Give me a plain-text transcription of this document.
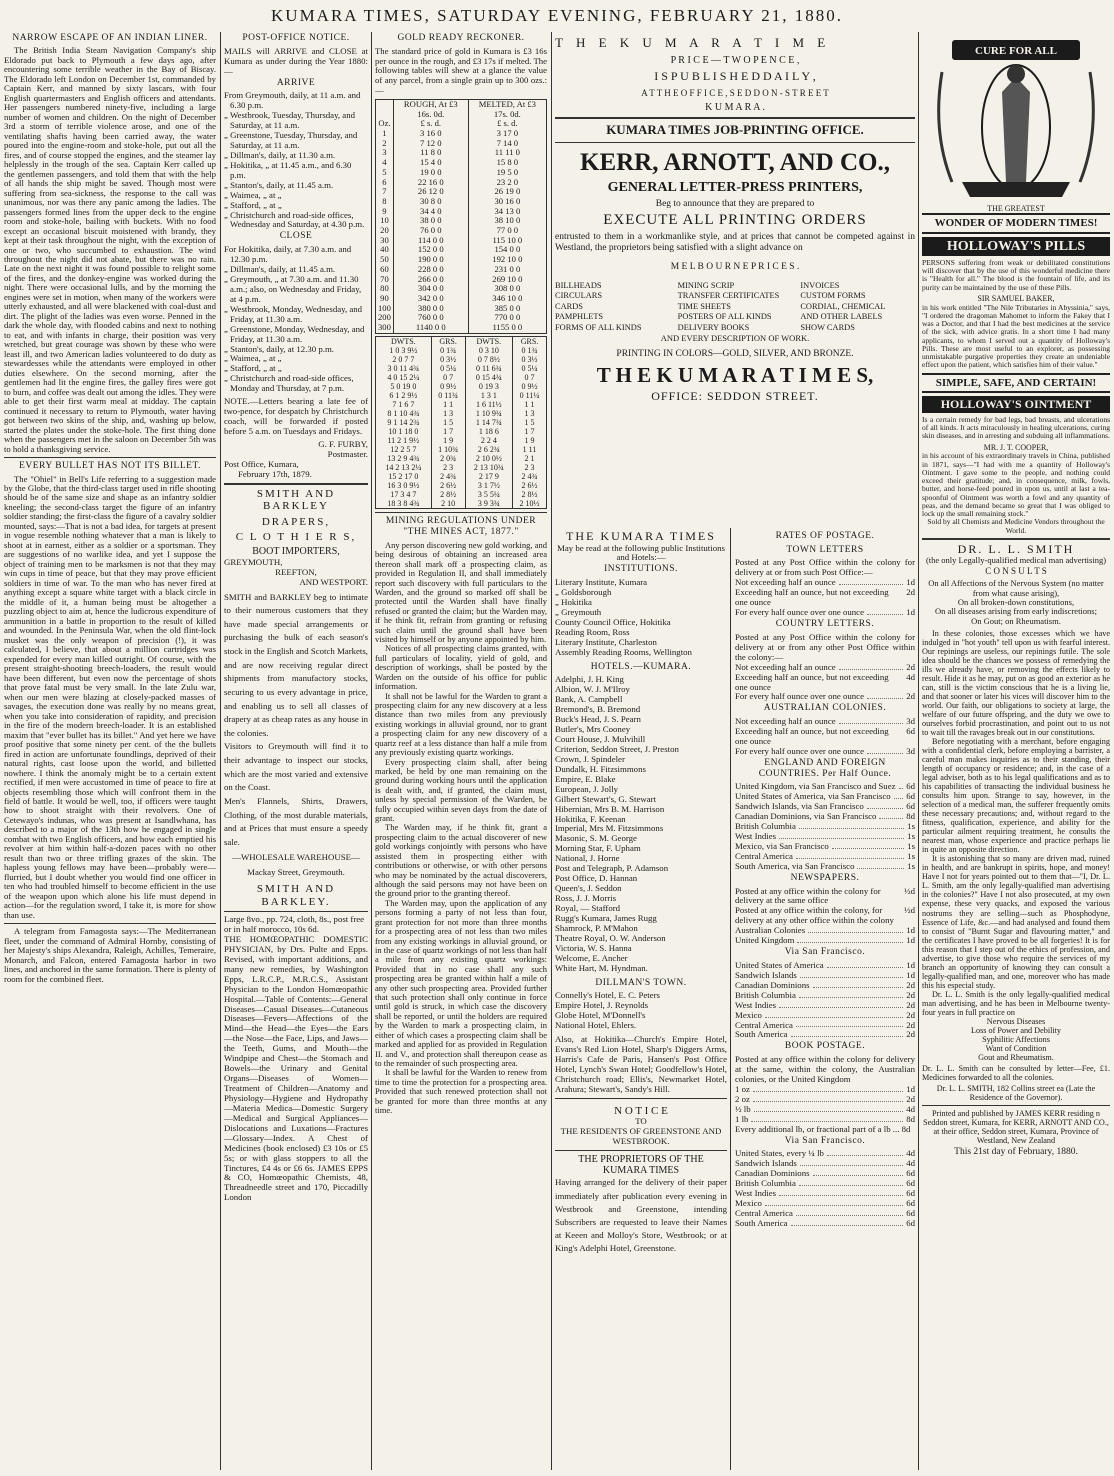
KUMARA TIMES, SATURDAY EVENING, FEBRUARY 21, 1880.
NARROW ESCAPE OF AN INDIAN LINER.

The British India Steam Navigation Company's ship Eldorado put back to Plymouth a few days ago, after encountering some terrible weather in the Bay of Biscay. The Eldorado left London on December 1st, commanded by Captain Kerr, and manned by sixty lascars, with four English quartermasters and English officers and attendants. Her passengers numbered ninety-five, including a large number of women and children. On the night of December 3rd a storm of terrible violence arose, and one of the ventilating shafts having been carried away, the water poured into the engine-room and stoke-hole, put out all the fires, and of course stopped the engines, and the steamer lay helplessly in the trough of the sea. Captain Kerr called up the gentlemen passengers, and told them that with the help of all hands the ship might be saved. Though most were suffering from sea-sickness, the response to the call was unanimous, nor was there any panic among the ladies. The passengers formed lines from the upper deck to the engine room and stoke-hole, bailing with buckets. With no food except an occasional biscuit moistened with brandy, they kept at their task throughout the night, with the exception of one or two, who succumbed to exhaustion. The wind throughout the night did not abate, but there was no rain. Late on the next night it was found possible to relight some of the fires, and the donkey-engine was worked during the night. There were occasional lulls, and by the morning the engines were set in motion, when many of the workers were utterly exhausted, and all were blackened with coal-dust and dirt. The plight of the ladies was even worse. Penned in the dark the whole day, with flooded cabins and next to nothing to eat, and with infants in charge, their position was very wretched, but great courage was shown by these who were least ill, and two American ladies volunteered to do duty as stewardesses while the attendants were employed in other duties elsewhere. On the second morning, after the gentlemen had lit the engine fires, the galley fires were got to burn, and coffee was dealt out among the idles. They were able to get their first warm meal at midday. The captain continued it necessary to return to Plymouth, water having got between two skins of the ship, and, washing up below, started the plates under the stoke-hole. The first thing done when the passengers met in the saloon on December 5th was to hold a thanksgiving service.

EVERY BULLET HAS NOT ITS BILLET.

The "Ohiel" in Bell's Life referring to a suggestion made by the Globe, that the third-class target used in rifle shooting should be of the same size and shape as an infantry soldier kneeling; the second-class target the figure of an infantry soldier standing; the first-class the figure of a cavalry soldier mounted, says:—That is not a bad idea, for targets at present in vogue resemble nothing whatever that a man is likely to shoot at in earnest, either as a soldier or a sportsman. They are suggestions of no warlike idea, and yet I suppose the object of training men to be marksmen is not that they may win cups in time of peace, but that they may prove efficient soldiers in time of war. To the man who has never fired at anything except a square white target with a black circle in the middle of it, a human being must be altogether a puzzling object to aim at, hence the ludicrous expenditure of ammunition in a battle in proportion to the result of killed and wounded. In the Peninsula War, when the old flint-lock musket was the only weapon of precision (!), it was calculated, I believe, that about a million cartridges was expended for every man killed outright. Of course, with the present straight-shooting breech-loaders, the result would have been different, but even now the percentage of shots that prove fatal must be very small. In the late Zulu war, when our men were blazing at closely-packed masses of savages, the execution done was really by no means great, when you take into consideration of rapidity, and precision in the fire of the modern breech-loader. It is an established maxim that "ever bullet has its billet." And yet here we have proof positive that some ninety per cent. of the the bullets fired in action are unfortunate foundlings, deprived of their natural rights, cast loose upon the world, and billetted nowhere. I think the anomaly might be to a certain extent rectified, if men were accustomed in time of peace to fire at objects resembling those which will confront them in the field of battle. It would be well, too, if officers were taught how to shoot straight with their revolvers. One of Cetewayo's indunas, who was present at Isandlwhana, has described to a major of the 13th how he engaged in single combat with two English officers, and how each emptied his revolver at him within half-a-dozen paces with no other result than two or three trifling grazes of the skin. The hapless young fellows may have been—probably were—flurried, but I doubt whether you would find one officer in ten who had troubled himself to become efficient in the use of the weapon upon which alone his life must depend in action—for the regulation sword, I take it, is more for show than use.

A telegram from Famagosta says:—The Mediterranean fleet, under the command of Admiral Hornby, consisting of her Majesty's ships Alexandra, Raleigh, Achilles, Temeraire, Monarch, and Falcon, entered Famagosta harbor in two lines, and anchored in the same formation. There is plenty of room for the combined fleet.

POST-OFFICE NOTICE.

MAILS will ARRIVE and CLOSE at Kumara as under during the Year 1880:—

ARRIVE
From Greymouth, daily, at 11 a.m. and 6.30 p.m.
„ Westbrook, Tuesday, Thursday, and Saturday, at 11 a.m.
„ Greenstone, Tuesday, Thursday, and Saturday, at 11 a.m.
„ Dillman's, daily, at 11.30 a.m.
„ Hokitika, „ at 11.45 a.m., and 6.30 p.m.
„ Stanton's, daily, at 11.45 a.m.
„ Waimea, „ at „
„ Stafford, „ at „
„ Christchurch and road-side offices, Wednesday and Saturday, at 4.30 p.m.
CLOSE
For Hokitika, daily, at 7.30 a.m. and 12.30 p.m.
„ Dillman's, daily, at 11.45 a.m.
„ Greymouth, „ at 7.30 a.m. and 11.30 a.m.; also, on Wednesday and Friday, at 4 p.m.
„ Westbrook, Monday, Wednesday, and Friday, at 11.30 a.m.
„ Greenstone, Monday, Wednesday, and Friday, at 11.30 a.m.
„ Stanton's, daily, at 12.30 p.m.
„ Waimea, „ at „
„ Stafford, „ at „
„ Christchurch and road-side offices, Monday and Thursday, at 7 p.m.

NOTE.—Letters bearing a late fee of two-pence, for despatch by Christchurch coach, will be forwarded if posted before 5 a.m. on Tuesdays and Fridays.

G. F. FURBY,
Postmaster.
Post Office, Kumara,
February 17th, 1879.
SMITH AND BARKLEY
DRAPERS,
C L O T H I E R S,
BOOT IMPORTERS,
GREYMOUTH,
REEFTON,
AND WESTPORT.

SMITH and BARKLEY beg to intimate to their numerous customers that they have made special arrangements or purchasing the bulk of each season's stock in the English and Scotch Markets, and are now receiving regular direct shipments from manufactory stocks, securing to us every advantage in price, and enabling us to sell all classes of drapery at as cheap rates as any house in the colonies.

Visitors to Greymouth will find it to their advantage to inspect our stocks, which are the most varied and extensive on the Coast.

Men's Flannels, Shirts, Drawers, Clothing, of the most durable materials, and at Prices that must ensure a speedy sale.

—WHOLESALE WAREHOUSE—
Mackay Street, Greymouth.
SMITH AND BARKLEY.

Large 8vo., pp. 724, cloth, 8s., post free or in half morocco, 10s 6d.

THE HOMŒOPATHIC DOMESTIC PHYSICIAN, by Drs. Pulte and Epps. Revised, with important additions, and many new remedies, by Washington Epps, L.R.C.P., M.R.C.S., Assistant Physician to the London Homœopathic Hospital.—Table of Contents:—General Diseases—Casual Diseases—Cutaneous Diseases—Fevers—Affections of the Mind—the Head—the Eyes—the Ears—the Nose—the Face, Lips, and Jaws—the Teeth, Gums, and Mouth—the Windpipe and Chest—the Stomach and Bowels—the Urinary and Genital Organs—Diseases of Women—Treatment of Children—Anatomy and Physiology—Hygiene and Hydropathy—Materia Medica—Domestic Surgery—Medical and Surgical Appliances—Dislocations and Luxations—Fractures—Glossary—Index. A Chest of Medicines (book enclosed) £3 10s or £5 5s; or with glass stoppers to all the Tinctures, £4 4s or £6 6s. JAMES EPPS & CO, Homœopathic Chemists, 48, Threadneedle street and 170, Piccadilly London

GOLD READY RECKONER.

The standard price of gold in Kumara is £3 16s per ounce in the rough, and £3 17s if melted. The following tables will shew at a glance the value of any parcel, from a single grain up to 300 ozs.:—

	ROUGH, At £3 16s. 0d.	MELTED, At £3 17s. 0d.
Oz.	£ s. d.	£ s. d.
1	3 16 0	3 17 0
2	7 12 0	7 14 0
3	11 8 0	11 11 0
4	15 4 0	15 8 0
5	19 0 0	19 5 0
6	22 16 0	23 2 0
7	26 12 0	26 19 0
8	30 8 0	30 16 0
9	34 4 0	34 13 0
10	38 0 0	38 10 0
20	76 0 0	77 0 0
30	114 0 0	115 10 0
40	152 0 0	154 0 0
50	190 0 0	192 10 0
60	228 0 0	231 0 0
70	266 0 0	269 10 0
80	304 0 0	308 0 0
90	342 0 0	346 10 0
100	380 0 0	385 0 0
200	760 0 0	770 0 0
300	1140 0 0	1155 0 0
DWTS.	GRS.	DWTS.	GRS.
1 0 3 9½	0 1¾	0 3 10	0 1¾
2 0 7 7	0 3½	0 7 8½	0 3½
3 0 11 4¾	0 5¼	0 11 6¾	0 5¼
4 0 15 2¼	0 7	0 15 4¾	0 7
5 0 19 0	0 9½	0 19 3	0 9½
6 1 2 9½	0 11¾	1 3 1	0 11¼
7 1 6 7	1 1	1 6 11½	1 1
8 1 10 4¾	1 3	1 10 9¾	1 3
9 1 14 2¾	1 5	1 14 7¾	1 5
10 1 18 0	1 7	1 18 6	1 7
11 2 1 9½	1 9	2 2 4	1 9
12 2 5 7	1 10¾	2 6 2¾	1 11
13 2 9 4¾	2 0¾	2 10 0½	2 1
14 2 13 2¼	2 3	2 13 10¾	2 3
15 2 17 0	2 4¾	2 17 9	2 4¾
16 3 0 9½	2 6½	3 1 7½	2 6½
17 3 4 7	2 8½	3 5 5¼	2 8½
18 3 8 4¾	2 10	3 9 3¾	2 10½
MINING REGULATIONS UNDER "THE MINES ACT, 1877."

Any person discovering new gold working, and being desirous of obtaining an increased area thereon shall mark off a prospecting claim, as provided in Regulation II, and shall immediately report such discovery with full particulars to the Warden, and the ground so marked off shall be protected until the Warden shall have finally refused or granted the claim; but the Warden may, if he think fit, refrain from granting or refusing such claim until the ground shall have been visited by himself or by anyone appointed by him.

Notices of all prospecting claims granted, with full particulars of locality, yield of gold, and description of workings, shall be posted by the Warden on the outside of his office for public information.

It shall not be lawful for the Warden to grant a prospecting claim for any new discovery at a less distance than two miles from any previously existing workings in alluvial ground, nor to grant a prospecting claim for any new discovery of a quartz reef at a less distance than half a mile from any previously existing quartz workings.

Every prospecting claim shall, after being marked, be held by one man remaining on the ground during working hours until the application is dealt with, and, if granted, the claim must, unless by special permission of the Warden, be fully occupied within seven days from the date of grant.

The Warden may, if he think fit, grant a prospecting claim to the actual discoverer of new gold workings conjointly with persons who have assisted them in prospecting either with contributions or otherwise, or with other persons who may be nominated by the actual discoverers, although the said persons may not have been on the ground prior to the granting thereof.

The Warden may, upon the application of any persons forming a party of not less than four, grant protection for not more than three months for a prospecting area of not less than two miles from any existing workings in alluvial ground, or in the case of quartz workings of not less than half a mile from any existing quartz workings: Provided that in no case shall any such prospecting area be granted within half a mile of any other such prospecting area. Provided further that such protection shall only continue in force until gold is struck, in which case the discovery shall be reported, or until the holders are required by the Warden to mark a prospecting claim, in either of which cases a prospecting claim shall be marked and applied for as provided in Regulation II. and V., and protection shall thereupon cease as to the remainder of such prospecting area.

It shall be lawful for the Warden to renew from time to time the protection for a prospecting area. Provided that such renewed protection shall not be granted for more than three months at any time.

T H E K U M A R A T I M E
P R I C E — T W O P E N C E ,
I S P U B L I S H E D D A I L Y ,
A T T H E O F F I C E , S E D D O N - S T R E E T
K U M A R A .
KUMARA TIMES JOB-PRINTING OFFICE.
KERR, ARNOTT, AND CO.,
GENERAL LETTER-PRESS PRINTERS,
Beg to announce that they are prepared to
EXECUTE ALL PRINTING ORDERS

entrusted to them in a workmanlike style, and at prices that cannot be competed against in Westland, the proprietors being satisfied with a slight advance on

M E L B O U R N E P R I C E S .
BILLHEADS	MINING SCRIP	INVOICES
CIRCULARS	TRANSFER CERTIFICATES	CUSTOM FORMS
CARDS	TIME SHEETS	CORDIAL, CHEMICAL
PAMPHLETS	POSTERS OF ALL KINDS	AND OTHER LABELS
FORMS OF ALL KINDS	DELIVERY BOOKS	SHOW CARDS
AND EVERY DESCRIPTION OF WORK.
PRINTING IN COLORS—GOLD, SILVER, AND BRONZE.
T H E K U M A R A T I M E S,
OFFICE: SEDDON STREET.
THE KUMARA TIMES
May be read at the following public Institutions and Hotels:—
INSTITUTIONS.
Literary Institute, Kumara
„ Goldsborough
„ Hokitika
„ Greymouth
County Council Office, Hokitika
Reading Room, Ross
Literary Institute, Charleston
Assembly Reading Rooms, Wellington
HOTELS.—KUMARA.
Adelphi, J. H. King
Albion, W. J. M'Ilroy
Bank, A. Campbell
Bremond's, B. Bremond
Buck's Head, J. S. Pearn
Butler's, Mrs Cooney
Court House, J. Mulvihill
Criterion, Seddon Street, J. Preston
Crown, J. Spindeler
Dundalk, H. Fitzsimmons
Empire, E. Blake
European, J. Jolly
Gilbert Stewart's, G. Stewart
Hibernian, Mrs B. M. Harrison
Hokitika, F. Keenan
Imperial, Mrs M. Fitzsimmons
Masonic, S. M. George
Morning Star, F. Upham
National, J. Horne
Post and Telegraph, P. Adamson
Post Office, D. Hannan
Queen's, J. Seddon
Ross, J. J. Morris
Royal, — Stafford
Rugg's Kumara, James Rugg
Shamrock, P. M'Mahon
Theatre Royal, O. W. Anderson
Victoria, W. S. Hanna
Welcome, E. Ancher
White Hart, M. Hyndman.
DILLMAN'S TOWN.
Connelly's Hotel, E. C. Peters
Empire Hotel, J. Reynolds
Globe Hotel, M'Donnell's
National Hotel, Ehlers.

Also, at Hokitika—Church's Empire Hotel, Evans's Red Lion Hotel, Sharp's Diggers Arms, Harris's Cafe de Paris, Hansen's Post Office Hotel, Lynch's Swan Hotel; Goodfellow's Hotel, Christchurch road; Ellis's, Newmarket Hotel, Arahura; Stewart's, Sandy's Hill.

N O T I C E
TO
THE RESIDENTS OF GREENSTONE AND WESTBROOK.
THE PROPRIETORS OF THE KUMARA TIMES

Having arranged for the delivery of their paper immediately after publication every evening in Westbrook and Greenstone, intending Subscribers are requested to leave their Names at Keeen and Molloy's Store, Westbrook; or at King's Adelphi Hotel, Greenstone.

RATES OF POSTAGE.
TOWN LETTERS

Posted at any Post Office within the colony for delivery at or from such Post Office:—

Not exceeding half an ounce	1d
Exceeding half an ounce, but not exceeding one ounce
2d
For every half ounce over one ounce	1d
COUNTRY LETTERS.

Posted at any Post Office within the colony for delivery at or from any other Post Office within the colony:—

Not exceeding half an ounce	2d
Exceeding half an ounce, but not exceeding one ounce
4d
For every half ounce over one ounce	2d
AUSTRALIAN COLONIES.
Not exceeding half an ounce	3d
Exceeding half an ounce, but not exceeding one ounce
6d
For every half ounce over one ounce	3d
ENGLAND AND FOREIGN COUNTRIES. Per Half Ounce.
United Kingdom, via San Francisco and Suez 6d
United States of America, via San Francisco 6d
Sandwich Islands, via San Francisco	6d
Canadian Dominions, via San Francisco	8d
British Columbia	1s
West Indies	1s
Mexico, via San Francisco	1s
Central America	1s
South America, via San Francisco	1s
NEWSPAPERS.
Posted at any office within the colony for delivery at the same office
½d
Posted at any office within the colony, for delivery at any other office within the colony
½d
Australian Colonies	1d
United Kingdom	1d
Via San Francisco.
United States of America	1d
Sandwich Islands	1d
Canadian Dominions	2d
British Columbia	2d
West Indies	2d
Mexico	2d
Central America	2d
South America	2d
BOOK POSTAGE.

Posted at any office within the colony for delivery at the same, within the colony, the Australian colonies, or the United Kingdom

1 oz	1d
2 oz	2d
½ lb	4d
1 lb	8d
Every additional lb, or fractional part of a lb ... 8d
Via San Francisco.
United States, every ¼ lb	4d
Sandwich Islands	4d
Canadian Dominions	6d
British Columbia	6d
West Indies	6d
Mexico	6d
Central America	6d
South America	6d
CURE FOR ALL
THE GREATEST
WONDER OF MODERN TIMES!
HOLLOWAY'S PILLS

PERSONS suffering from weak or debilitated constitutions will discover that by the use of this wonderful medicine there is "Health for all." The blood is the fountain of life, and its purity can be maintained by the use of these Pills.

SIR SAMUEL BAKER,

in his work entitled "The Nile Tributaries in Abyssinia," says, "I ordered the dragoman Mahomet to inform the Fakey that I was a Doctor, and that I had the best medicines at the service of the sick, with advice gratis. In a short time I had many applicants, to whom I served out a quantity of Holloway's Pills. These are most useful to an explorer, as possessing unmistakable purgative properties they create an undeniable effect upon the patient, which satisfies him of their value."

SIMPLE, SAFE, AND CERTAIN!
HOLLOWAY'S OINTMENT

Is a certain remedy for bad legs, bad breasts, and ulcerations of all kinds. It acts miraculously in healing ulcerations, curing skin diseases, and in arresting and subduing all inflammations.

MR. J. T. COOPER,

in his account of his extraordinary travels in China, published in 1871, says—"I had with me a quantity of Holloway's Ointment. I gave some to the people, and nothing could exceed their gratitude; and, in consequence, milk, fowls, butter, and horse-feed poured in upon us, until at last a tea-spoonful of Ointment was worth a fowl and any quantity of peas, and the demand became so great that I was obliged to lock up the small remaining stock."

Sold by all Chemists and Medicine Vendors throughout the World.

DR. L. L. SMITH
(the only Legally-qualified medical man advertising)
C O N S U L T S
On all Affections of the Nervous System (no matter from what cause arising),
On all broken-down constitutions,
On all diseases arising from early indiscretions;
On Gout; on Rheumatism.

In these colonies, those excesses which we have indulged in "hot youth" tell upon us with fearful interest. Our repinings are useless, our repinings futile. The sole idea should be the chances we possess of remedying the ills we already have, or removing the effects likely to result. Hide it as he may, put on as good an exterior as he can, still is the victim conscious that he is a living lie, and that sooner or later his vices will discover him to the world. Our faith, our obligations to society at large, the welfare of our future offspring, and the duty we owe to ourselves forbid procrastination, and point out to us not to wait till the ravages break out in our constitutions.

Before negotiating with a merchant, before engaging with a confidential clerk, before employing a barrister, a careful man makes inquiries as to their standing, their length of occupancy or residence; and, in the case of a legal adviser, both as to his legal qualifications and as to his capabilities of transacting the individual business he consults him upon. Strange to say, however, in the selection of a medical man, the sufferer frequently omits these necessary precautions; and, without regard to the fitness, qualification, experience, and ability for the particular ailment requiring treatment, he consults the nearest man, whose experience and practice perhaps lie in quite an opposite direction.

It is astonishing that so many are driven mad, ruined in health, and are bankrupt in spirits, hope, and money! Have I not for years pointed out to them that—"I, Dr. L. L. Smith, am the only legally-qualified man advertising in the colonies?" Have I not also prosecuted, at my own expense, these very quacks, and exposed the various nostrums they are selling—such as Phosphodyne, Essence of Life, &c.—and had analysed and found them to consist of "Burnt Sugar and flavouring matter," and the certificates I have proved to be all forgeries! It is for this reason that I step out of the ethics of profession, and advertise, to give those who require the services of my branch an opportunity of knowing they can consult a legally-qualified man, and one, moreover who has made this his especial study.

Dr. L. L. Smith is the only legally-qualified medical man advertising, and he has been in Melbourne twenty-four years in full practice on

Nervous Diseases
Loss of Power and Debility
Syphilitic Affections
Want of Condition
Gout and Rheumatism.

Dr. L. L. Smith can be consulted by letter—Fee, £1. Medicines forwarded to all the colonies.

Dr. L. L. SMITH, 182 Collins street ea (Late the Residence of the Governor).

Printed and published by JAMES KERR residing n Seddon street, Kumara, for KERR, ARNOTT AND CO., at their office, Seddon street, Kumara, Province of Westland, New Zealand

This 21st day of February, 1880.
